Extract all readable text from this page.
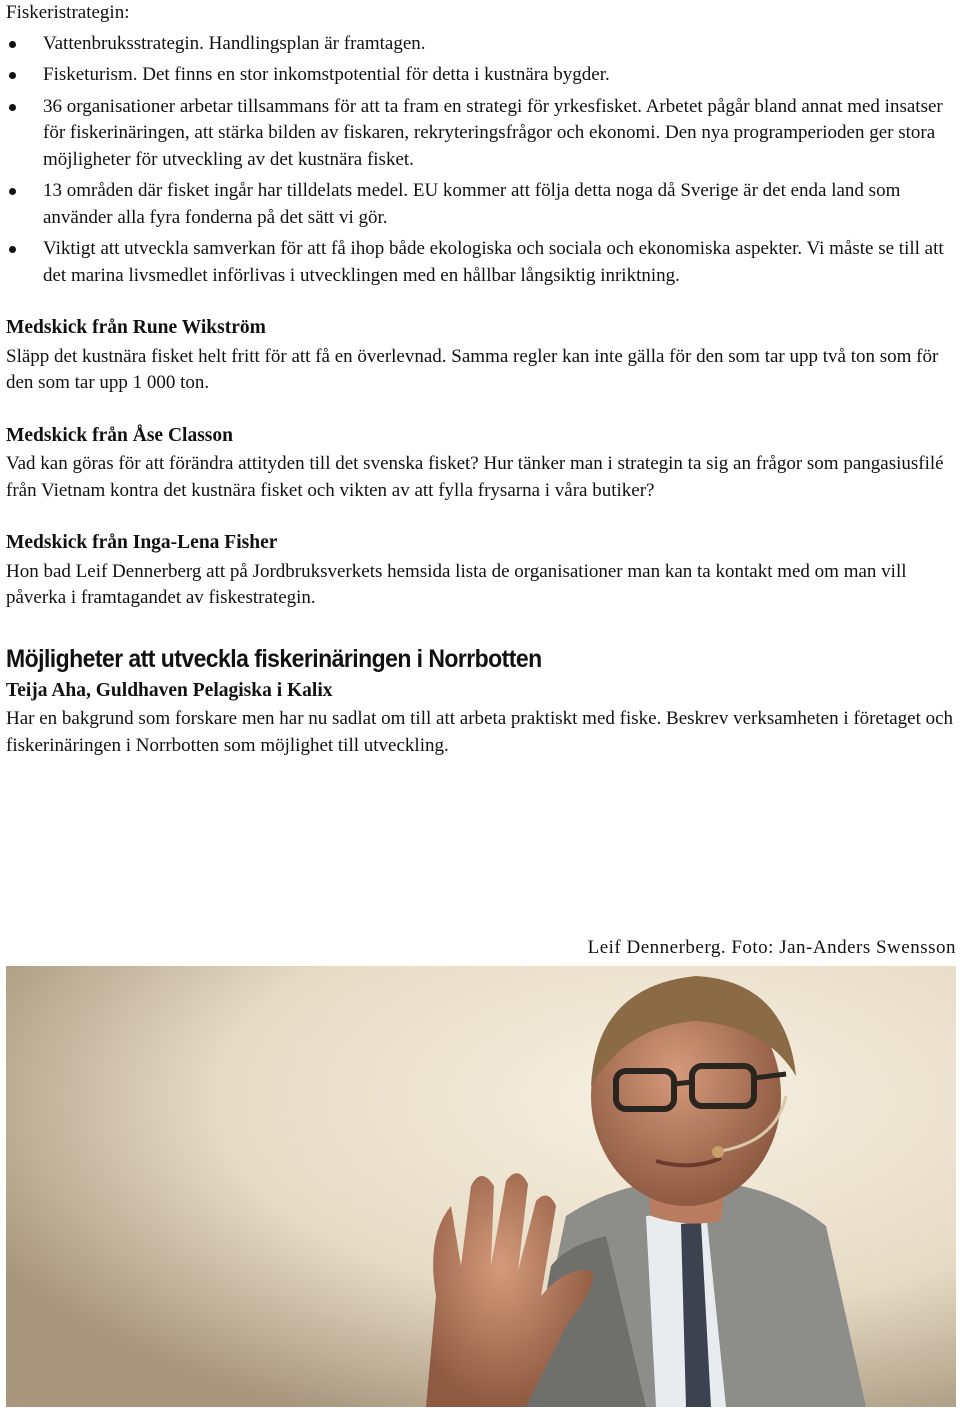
Fiskeristrategin:

Vattenbruksstrategin. Handlingsplan är framtagen.
Fisketurism. Det finns en stor inkomstpotential för detta i kustnära bygder.
36 organisationer arbetar tillsammans för att ta fram en strategi för yrkesfisket. Arbetet pågår bland annat med insatser för fiskerinäringen, att stärka bilden av fiskaren, rekryteringsfrågor och ekonomi. Den nya programperioden ger stora möjligheter för utveckling av det kustnära fisket.
13 områden där fisket ingår har tilldelats medel. EU kommer att följa detta noga då Sverige är det enda land som använder alla fyra fonderna på det sätt vi gör.
Viktigt att utveckla samverkan för att få ihop både ekologiska och sociala och ekonomiska aspekter. Vi måste se till att det marina livsmedlet införlivas i utvecklingen med en hållbar långsiktig inriktning.
Medskick från Rune Wikström

Släpp det kustnära fisket helt fritt för att få en överlevnad. Samma regler kan inte gälla för den som tar upp två ton som för den som tar upp 1 000 ton.

Medskick från Åse Classon

Vad kan göras för att förändra attityden till det svenska fisket? Hur tänker man i strategin ta sig an frågor som pangasiusfilé från Vietnam kontra det kustnära fisket och vikten av att fylla frysarna i våra butiker?

Medskick från Inga-Lena Fisher

Hon bad Leif Dennerberg att på Jordbruksverkets hemsida lista de organisationer man kan ta kontakt med om man vill påverka i framtagandet av fiskestrategin.

Möjligheter att utveckla fiskerinäringen i Norrbotten
Teija Aha, Guldhaven Pelagiska i Kalix

Har en bakgrund som forskare men har nu sadlat om till att arbeta praktiskt med fiske. Beskrev verksamheten i företaget och fiskerinäringen i Norrbotten som möjlighet till utveckling.

Leif Dennerberg. Foto: Jan-Anders Swensson
